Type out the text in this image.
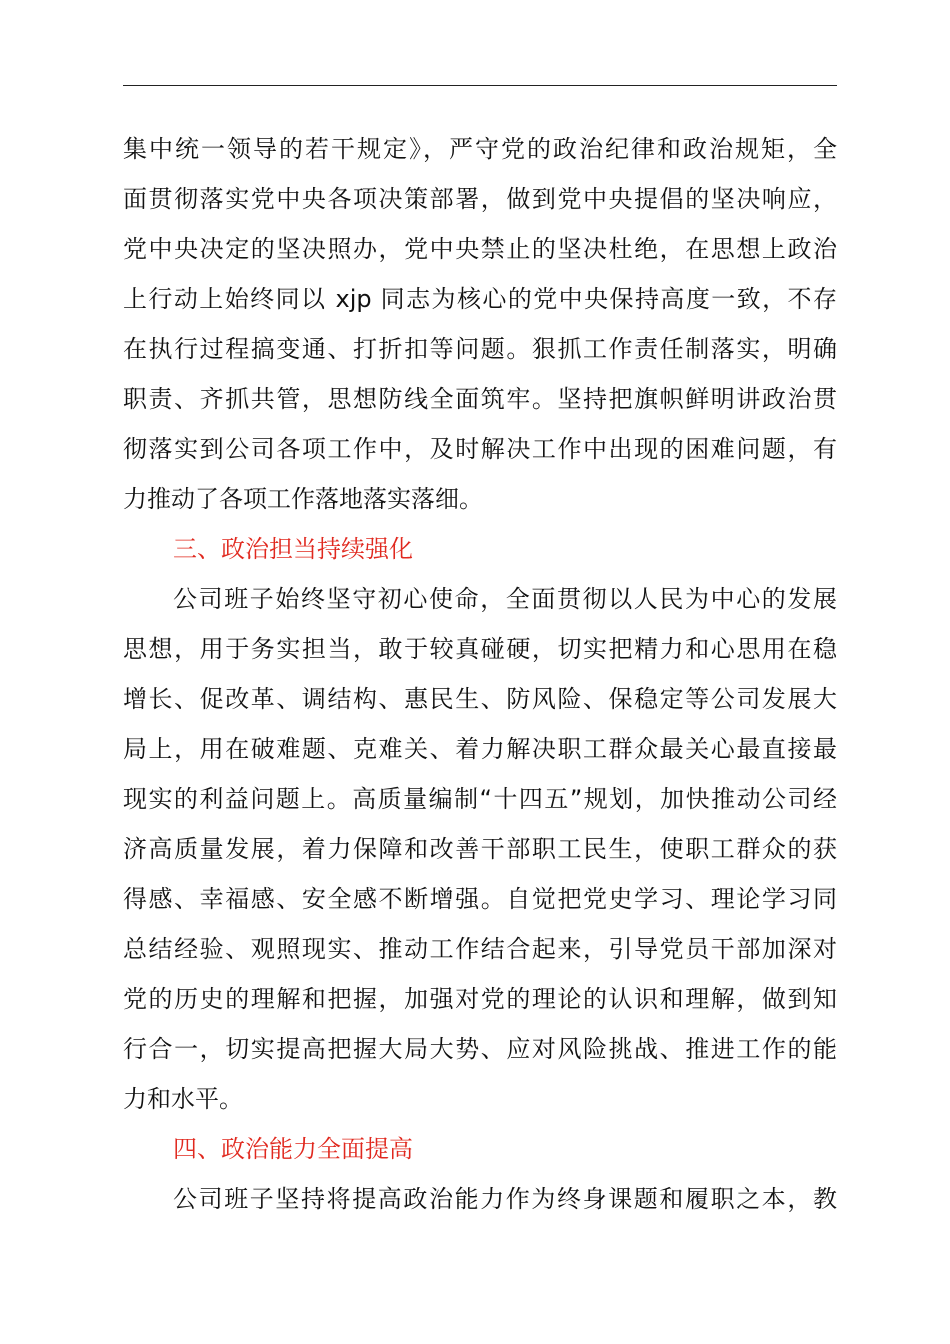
集中统一领导的若干规定》，严守党的政治纪律和政治规矩，全
面贯彻落实党中央各项决策部署，做到党中央提倡的坚决响应，
党中央决定的坚决照办，党中央禁止的坚决杜绝，在思想上政治
上行动上始终同以 xjp 同志为核心的党中央保持高度一致，不存
在执行过程搞变通、打折扣等问题。狠抓工作责任制落实，明确
职责、齐抓共管，思想防线全面筑牢。坚持把旗帜鲜明讲政治贯
彻落实到公司各项工作中，及时解决工作中出现的困难问题，有
力推动了各项工作落地落实落细。
三、政治担当持续强化
公司班子始终坚守初心使命，全面贯彻以人民为中心的发展
思想，用于务实担当，敢于较真碰硬，切实把精力和心思用在稳
增长、促改革、调结构、惠民生、防风险、保稳定等公司发展大
局上，用在破难题、克难关、着力解决职工群众最关心最直接最
现实的利益问题上。高质量编制“十四五”规划，加快推动公司经
济高质量发展，着力保障和改善干部职工民生，使职工群众的获
得感、幸福感、安全感不断增强。自觉把党史学习、理论学习同
总结经验、观照现实、推动工作结合起来，引导党员干部加深对
党的历史的理解和把握，加强对党的理论的认识和理解，做到知
行合一，切实提高把握大局大势、应对风险挑战、推进工作的能
力和水平。
四、政治能力全面提高
公司班子坚持将提高政治能力作为终身课题和履职之本，教
